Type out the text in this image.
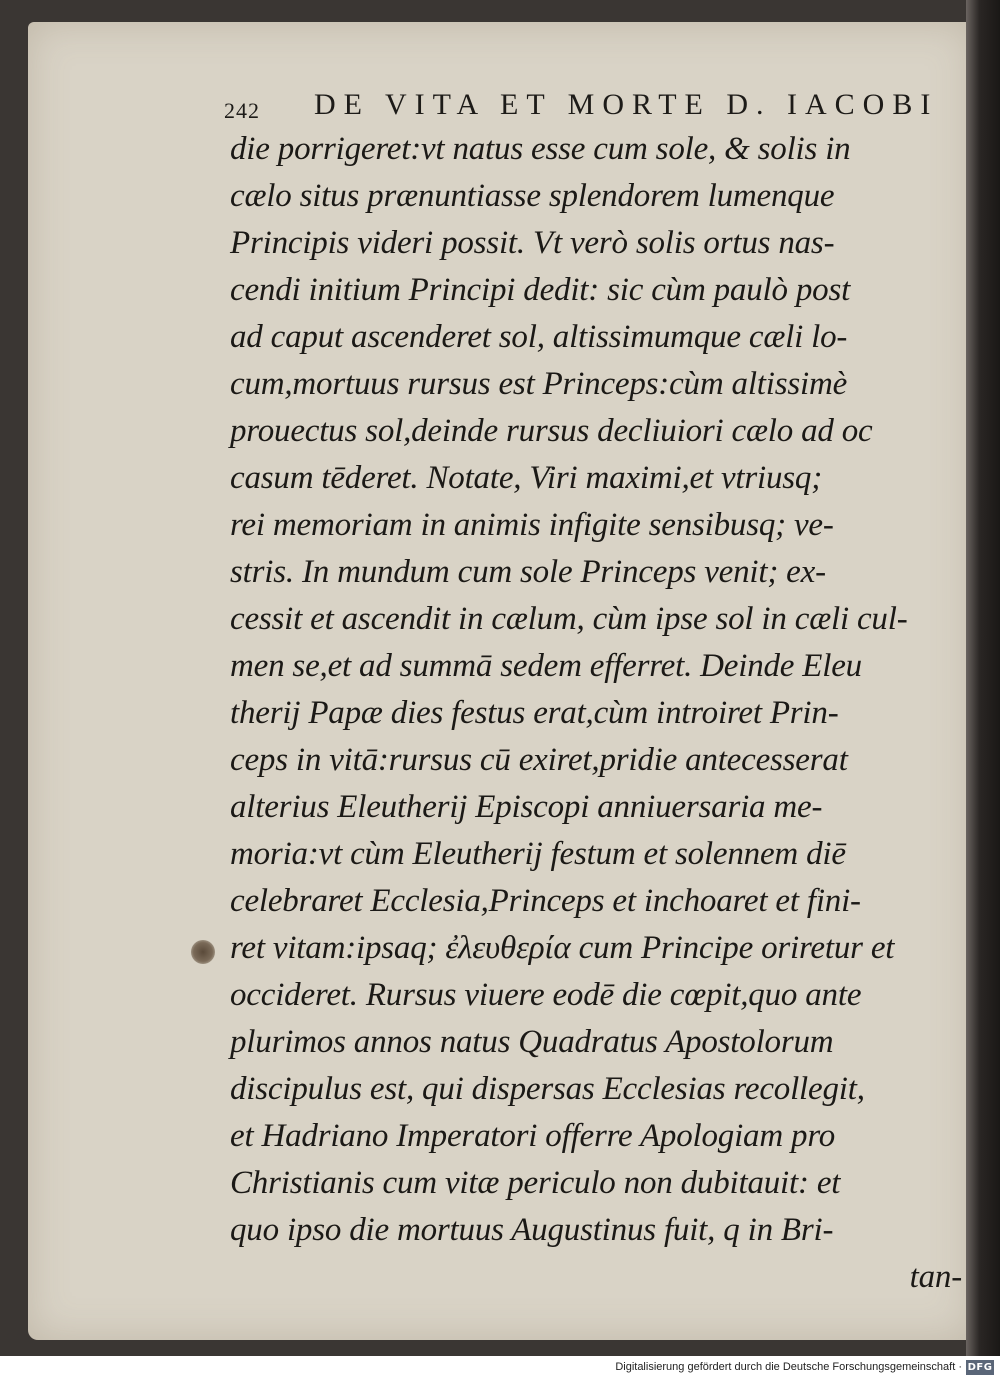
242 DE VITA ET MORTE D. IACOBI
die porrigeret:vt natus esse cum sole, & solis in
cælo situs prænuntiasse splendorem lumenque
Principis videri possit. Vt verò solis ortus nas-
cendi initium Principi dedit: sic cùm paulò post
ad caput ascenderet sol, altissimumque cæli lo-
cum,mortuus rursus est Princeps:cùm altissimè
prouectus sol,deinde rursus decliuiori cælo ad oc
casum tēderet. Notate, Viri maximi,et vtriusq;
rei memoriam in animis infigite sensibusq; ve-
stris. In mundum cum sole Princeps venit; ex-
cessit et ascendit in cælum, cùm ipse sol in cæli cul-
men se,et ad summā sedem efferret. Deinde Eleu
therij Papæ dies festus erat,cùm introiret Prin-
ceps in vitā:rursus cū exiret,pridie antecesserat
alterius Eleutherij Episcopi anniuersaria me-
moria:vt cùm Eleutherij festum et solennem diē
celebraret Ecclesia,Princeps et inchoaret et fini-
ret vitam:ipsaq; ἐλευθερία cum Principe oriretur et
occideret. Rursus viuere eodē die cœpit,quo ante
plurimos annos natus Quadratus Apostolorum
discipulus est, qui dispersas Ecclesias recollegit,
et Hadriano Imperatori offerre Apologiam pro
Christianis cum vitæ periculo non dubitauit: et
quo ipso die mortuus Augustinus fuit, q in Bri-
tan-
Digitalisierung gefördert durch die Deutsche Forschungsgemeinschaft · DFG
